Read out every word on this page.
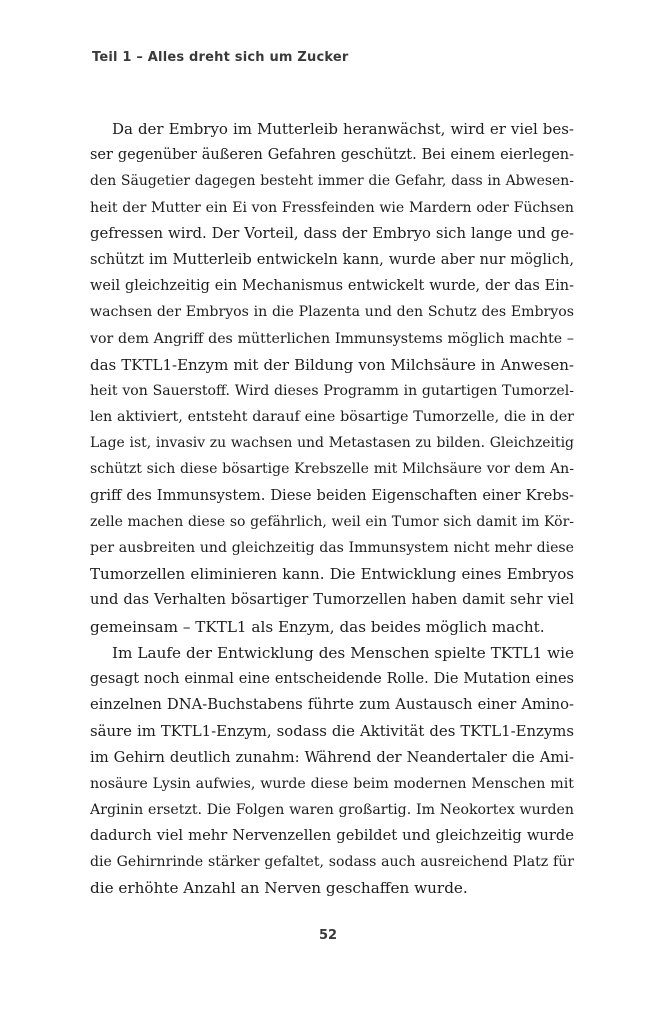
Teil 1 – Alles dreht sich um Zucker
Da der Embryo im Mutterleib heranwächst, wird er viel bes-
ser gegenüber äußeren Gefahren geschützt. Bei einem eierlegen-
den Säugetier dagegen besteht immer die Gefahr, dass in Abwesen-
heit der Mutter ein Ei von Fressfeinden wie Mardern oder Füchsen
gefressen wird. Der Vorteil, dass der Embryo sich lange und ge-
schützt im Mutterleib entwickeln kann, wurde aber nur möglich,
weil gleichzeitig ein Mechanismus entwickelt wurde, der das Ein-
wachsen der Embryos in die Plazenta und den Schutz des Embryos
vor dem Angriff des mütterlichen Immunsystems möglich machte –
das TKTL1-Enzym mit der Bildung von Milchsäure in Anwesen-
heit von Sauerstoff. Wird dieses Programm in gutartigen Tumorzel-
len aktiviert, entsteht darauf eine bösartige Tumorzelle, die in der
Lage ist, invasiv zu wachsen und Metastasen zu bilden. Gleichzeitig
schützt sich diese bösartige Krebszelle mit Milchsäure vor dem An-
griff des Immunsystem. Diese beiden Eigenschaften einer Krebs-
zelle machen diese so gefährlich, weil ein Tumor sich damit im Kör-
per ausbreiten und gleichzeitig das Immunsystem nicht mehr diese
Tumorzellen eliminieren kann. Die Entwicklung eines Embryos
und das Verhalten bösartiger Tumorzellen haben damit sehr viel
gemeinsam – TKTL1 als Enzym, das beides möglich macht.
Im Laufe der Entwicklung des Menschen spielte TKTL1 wie
gesagt noch einmal eine entscheidende Rolle. Die Mutation eines
einzelnen DNA-Buchstabens führte zum Austausch einer Amino-
säure im TKTL1-Enzym, sodass die Aktivität des TKTL1-Enzyms
im Gehirn deutlich zunahm: Während der Neandertaler die Ami-
nosäure Lysin aufwies, wurde diese beim modernen Menschen mit
Arginin ersetzt. Die Folgen waren großartig. Im Neokortex wurden
dadurch viel mehr Nervenzellen gebildet und gleichzeitig wurde
die Gehirnrinde stärker gefaltet, sodass auch ausreichend Platz für
die erhöhte Anzahl an Nerven geschaffen wurde.
52
